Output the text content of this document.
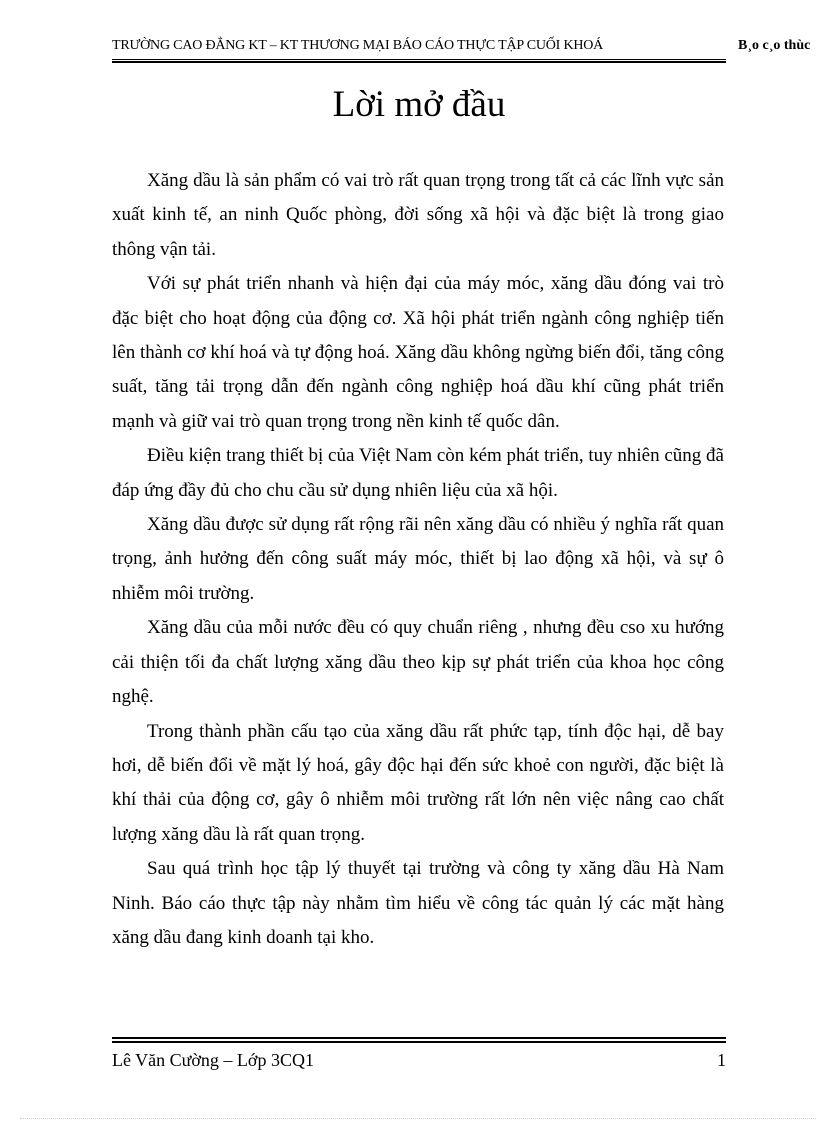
TRƯỜNG CAO ĐẲNG KT – KT THƯƠNG MẠI BÁO CÁO THỰC TẬP CUỐI KHOÁ	B¸o c¸o thùc
Lời mở đầu

Xăng dầu là sản phẩm có vai trò rất quan trọng trong tất cả các lĩnh vực sản xuất kinh tế, an ninh Quốc phòng, đời sống xã hội và đặc biệt là trong giao thông vận tải.

Với sự phát triển nhanh và hiện đại của máy móc, xăng dầu đóng vai trò đặc biệt cho hoạt động của động cơ. Xã hội phát triển ngành công nghiệp tiến lên thành cơ khí hoá và tự động hoá. Xăng dầu không ngừng biến đổi, tăng công suất, tăng tải trọng dẫn đến ngành công nghiệp hoá dầu khí cũng phát triển mạnh và giữ vai trò quan trọng trong nền kinh tế quốc dân.

Điều kiện trang thiết bị của Việt Nam còn kém phát triển, tuy nhiên cũng đã đáp ứng đầy đủ cho chu cầu sử dụng nhiên liệu của xã hội.

Xăng dầu được sử dụng rất rộng rãi nên xăng dầu có nhiều ý nghĩa rất quan trọng, ảnh hưởng đến công suất máy móc, thiết bị lao động xã hội, và sự ô nhiễm môi trường.

Xăng dầu của mỗi nước đều có quy chuẩn riêng , nhưng đều cso xu hướng cải thiện tối đa chất lượng xăng dầu theo kịp sự phát triển của khoa học công nghệ.

Trong thành phần cấu tạo của xăng dầu rất phức tạp, tính độc hại, dễ bay hơi, dễ biến đổi về mặt lý hoá, gây độc hại đến sức khoẻ con người, đặc biệt là khí thải của động cơ, gây ô nhiễm môi trường rất lớn nên việc nâng cao chất lượng xăng dầu là rất quan trọng.

Sau quá trình học tập lý thuyết tại trường và công ty xăng dầu Hà Nam Ninh. Báo cáo thực tập này nhằm tìm hiểu về công tác quản lý các mặt hàng xăng dầu đang kinh doanh tại kho.

Lê Văn Cường – Lớp 3CQ1	1
